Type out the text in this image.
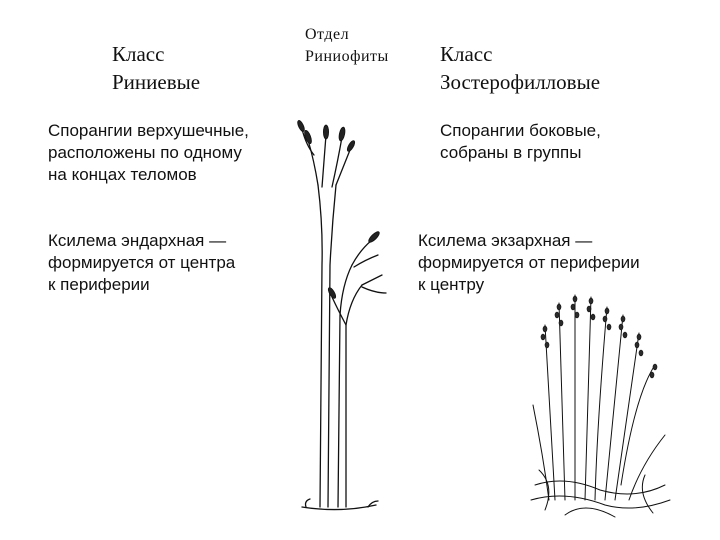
Класс
Риниевые
Отдел
Риниофиты Класс
Зостерофилловые
Спорангии верхушечные,
расположены по одному
на концах теломов
Ксилема эндархная —
формируется от центра
к периферии
Спорангии боковые,
собраны в группы
Ксилема экзархная —
формируется от периферии
к центру
